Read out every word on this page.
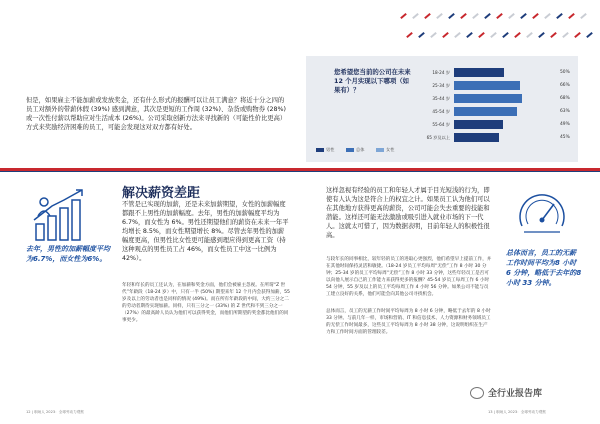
但是，如果雇主不能加薪或发放奖金，还有什么形式的报酬可以让员工满意？将近十分之四的员工对额外的带薪休假 (39%) 感到满意，其次是更短的工作周 (32%)、杂货或购物券 (28%) 或一次性付薪以帮助应对生活成本 (26%)。公司采取创新方法来寻找新的（可能性价比更高）方式来奖励经济困难的员工，可能会发现这对双方都有好处。
去年，男性的加薪幅度平均为6.7%，而女性为6%。
解决薪资差距
不管是已实现的加薪，还是未来加薪期望，女性的加薪幅度都跟不上男性的加薪幅度。去年，男性的加薪幅度平均为 6.7%，而女性为 6%。男性还期望他们的薪资在未来一年平均增长 8.5%，而女性期望增长 8%。尽管去年男性的加薪幅度更高，但男性比女性更可能感到理应得到更高工资（持这种观点的男性员工占 46%，而女性员工中这一比例为 42%）。
年轻和年长的员工还认为，在加薪和奖金方面，他们会被雇主忽视。在所谓“Z 世代”年龄段（18-24 岁）中，只有一半 (50%) 期望来年 12 个月内会获得加薪，55 岁及以上的劳动者也是同样的情况 (49%)。而在所有年龄段的中间，大约三分之二的劳动者期待实现加薪。同样，只有三分之一 (33%) 的 Z 世代和不到三分之一（27%）的最高龄人员认为他们可以获得奖金，而他们所期望的奖金都比他们的同事更少。
12 | 职场人 2023：全球劳动力观察
您希望您当前的公司在未来 12 个月实现以下哪项（如果有）？
18-24 岁	50%
25-34 岁	66%
35-44 岁	68%
45-54 岁	63%
55-64 岁	49%
65 岁及以上	45%
男性	总体	女性
这样忽视有经验的员工和年轻人才属于目光短浅的行为，即使有人认为这是符合上的权宜之计。如果员工认为他们可以在其他地方获得更高的薪资，公司可能会失去重要的技能和潜能。这样还可能无法激励或吸引进入就业市场的下一代人。这就太可惜了，因为数据表明，目前年轻人的积极性很高。
与较年长的同事相比，较年轻的员工的进取心更强烈，他们希望早上提前工作，并在其他时间保持灵活和敏捷。（18-24 岁员工平均每周“无偿”工作 8 小时 30 分钟；25-34 岁的员工平均每周“无偿”工作 8 小时 33 分钟，这些年轻员工是否可以向他人展示自己的工作能力来获得更多的报酬？45-54 岁员工每周工作 6 小时 54 分钟，55 岁及以上的员工平均每周工作 4 小时 56 分钟。如果公司不能与员工建立良好的关系，他们可能会向其他公司寻找机会。
总体而言，员工的无薪工作时间平均每周为 8 小时 6 分钟，略低于去年的 8 小时 33 分钟。与前几年一样，市场和营销、IT 和信息技术、人力资源和财务领域员工的无偿工作时间最多，这些员工平均每周为 8 小时 38 分钟，这说明组织在生产力和工作时间方面的管理较差。
总体而言，员工的无薪工作时间平均为8 小时 6 分钟，略低于去年的8 小时 33 分钟。
全行业报告库
13 | 职场人 2023：全球劳动力观察
